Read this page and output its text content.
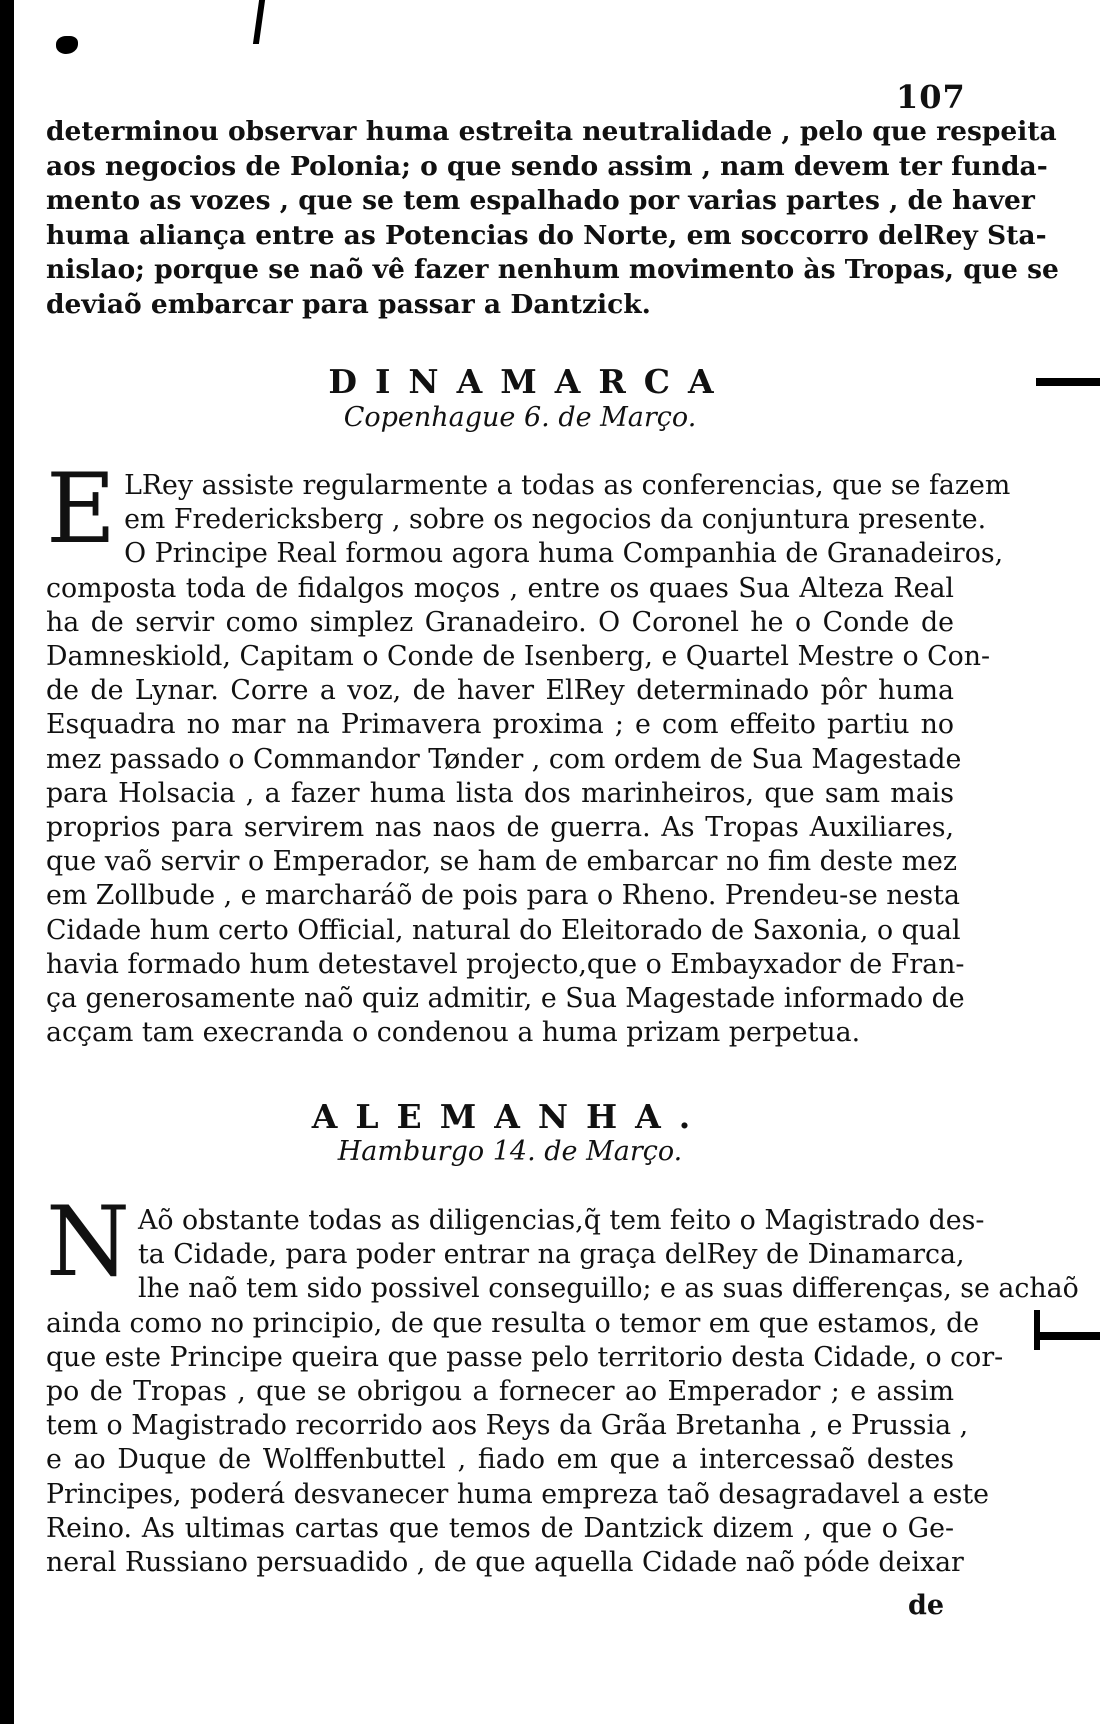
107
determinou observar huma estreita neutralidade , pelo que respeita
aos negocios de Polonia; o que sendo assim , nam devem ter funda-
mento as vozes , que se tem espalhado por varias partes , de haver
huma aliança entre as Potencias do Norte, em soccorro delRey Sta-
nislao; porque se naõ vê fazer nenhum movimento às Tropas, que se
deviaõ embarcar para passar a Dantzick.
DINAMARCA
Copenhague 6. de Março.
E LRey assiste regularmente a todas as conferencias, que se fazem
em Fredericksberg , sobre os negocios da conjuntura presente.
O Principe Real formou agora huma Companhia de Granadeiros,
composta toda de fidalgos moços , entre os quaes Sua Alteza Real
ha de servir como simplez Granadeiro. O Coronel he o Conde de
Damneskiold, Capitam o Conde de Isenberg, e Quartel Mestre o Con-
de de Lynar. Corre a voz, de haver ElRey determinado pôr huma
Esquadra no mar na Primavera proxima ; e com effeito partiu no
mez passado o Commandor Tønder , com ordem de Sua Magestade
para Holsacia , a fazer huma lista dos marinheiros, que sam mais
proprios para servirem nas naos de guerra. As Tropas Auxiliares,
que vaõ servir o Emperador, se ham de embarcar no fim deste mez
em Zollbude , e marcharáõ de pois para o Rheno. Prendeu-se nesta
Cidade hum certo Official, natural do Eleitorado de Saxonia, o qual
havia formado hum detestavel projecto,que o Embayxador de Fran-
ça generosamente naõ quiz admitir, e Sua Magestade informado de
acçam tam execranda o condenou a huma prizam perpetua.
ALEMANHA.
Hamburgo 14. de Março.
N Aõ obstante todas as diligencias,q̃ tem feito o Magistrado des-
ta Cidade, para poder entrar na graça delRey de Dinamarca,
lhe naõ tem sido possivel conseguillo; e as suas differenças, se achaõ
ainda como no principio, de que resulta o temor em que estamos, de
que este Principe queira que passe pelo territorio desta Cidade, o cor-
po de Tropas , que se obrigou a fornecer ao Emperador ; e assim
tem o Magistrado recorrido aos Reys da Grãa Bretanha , e Prussia ,
e ao Duque de Wolffenbuttel , fiado em que a intercessaõ destes
Principes, poderá desvanecer huma empreza taõ desagradavel a este
Reino. As ultimas cartas que temos de Dantzick dizem , que o Ge-
neral Russiano persuadido , de que aquella Cidade naõ póde deixar
de
